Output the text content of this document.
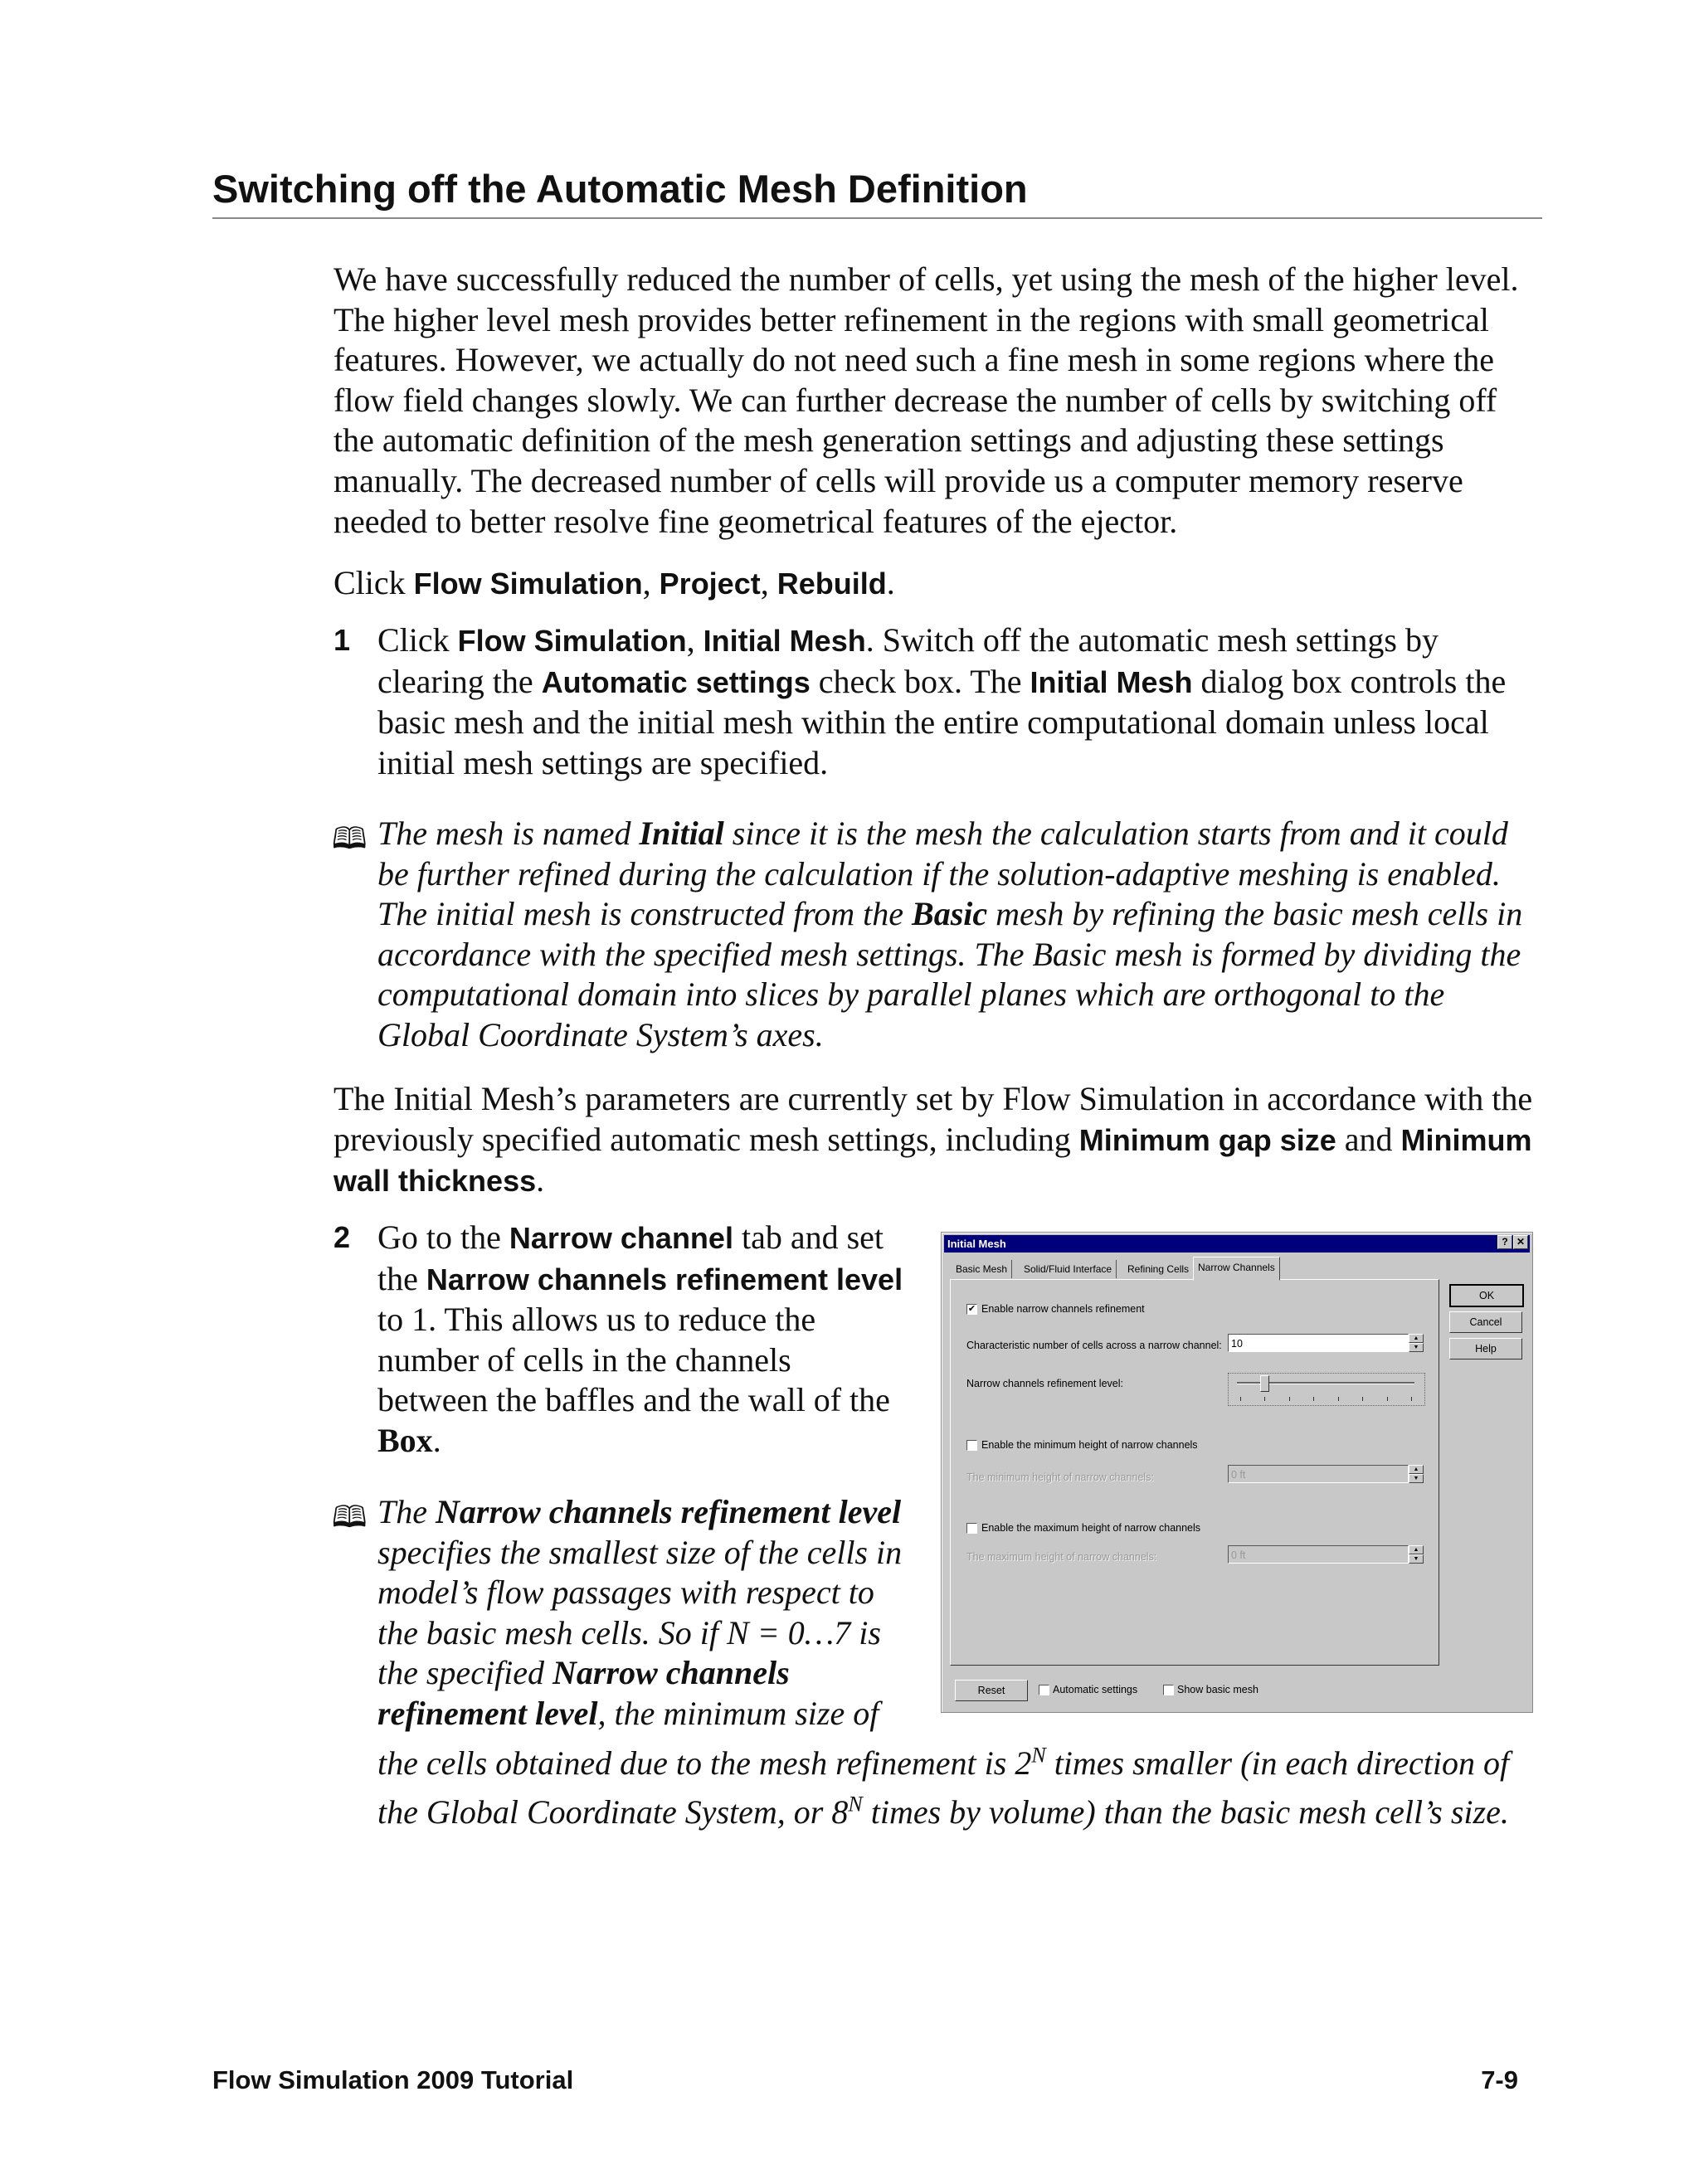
Switching off the Automatic Mesh Definition
We have successfully reduced the number of cells, yet using the mesh of the higher level. The higher level mesh provides better refinement in the regions with small geometrical features. However, we actually do not need such a fine mesh in some regions where the flow field changes slowly. We can further decrease the number of cells by switching off the automatic definition of the mesh generation settings and adjusting these settings manually. The decreased number of cells will provide us a computer memory reserve needed to better resolve fine geometrical features of the ejector.
Click Flow Simulation, Project, Rebuild.
1 Click Flow Simulation, Initial Mesh. Switch off the automatic mesh settings by clearing the Automatic settings check box. The Initial Mesh dialog box controls the basic mesh and the initial mesh within the entire computational domain unless local initial mesh settings are specified.
🕮 The mesh is named Initial since it is the mesh the calculation starts from and it could be further refined during the calculation if the solution-adaptive meshing is enabled. The initial mesh is constructed from the Basic mesh by refining the basic mesh cells in accordance with the specified mesh settings. The Basic mesh is formed by dividing the computational domain into slices by parallel planes which are orthogonal to the Global Coordinate System’s axes.
The Initial Mesh’s parameters are currently set by Flow Simulation in accordance with the previously specified automatic mesh settings, including Minimum gap size and Minimum wall thickness.
2 Go to the Narrow channel tab and set the Narrow channels refinement level to 1. This allows us to reduce the number of cells in the channels between the baffles and the wall of the Box.
🕮 The Narrow channels refinement level specifies the smallest size of the cells in model’s flow passages with respect to the basic mesh cells. So if N = 0…7 is the specified Narrow channels refinement level, the minimum size of
the cells obtained due to the mesh refinement is $2^N$ times smaller (in each direction of
the Global Coordinate System, or $8^N$ times by volume) than the basic mesh cell’s size.
Initial Mesh	? ✕
Basic Mesh	Solid/Fluid Interface	Refining Cells Narrow Channels
✔ Enable narrow channels refinement
Characteristic number of cells across a narrow channel: 10	▲
▼
Narrow channels refinement level:
Enable the minimum height of narrow channels
The minimum height of narrow channels:	0 ft	▲
▼
Enable the maximum height of narrow channels
The maximum height of narrow channels:	0 ft	▲
▼
OK
Cancel
Help
Reset	Automatic settings	Show basic mesh
Flow Simulation 2009 Tutorial	7-9
